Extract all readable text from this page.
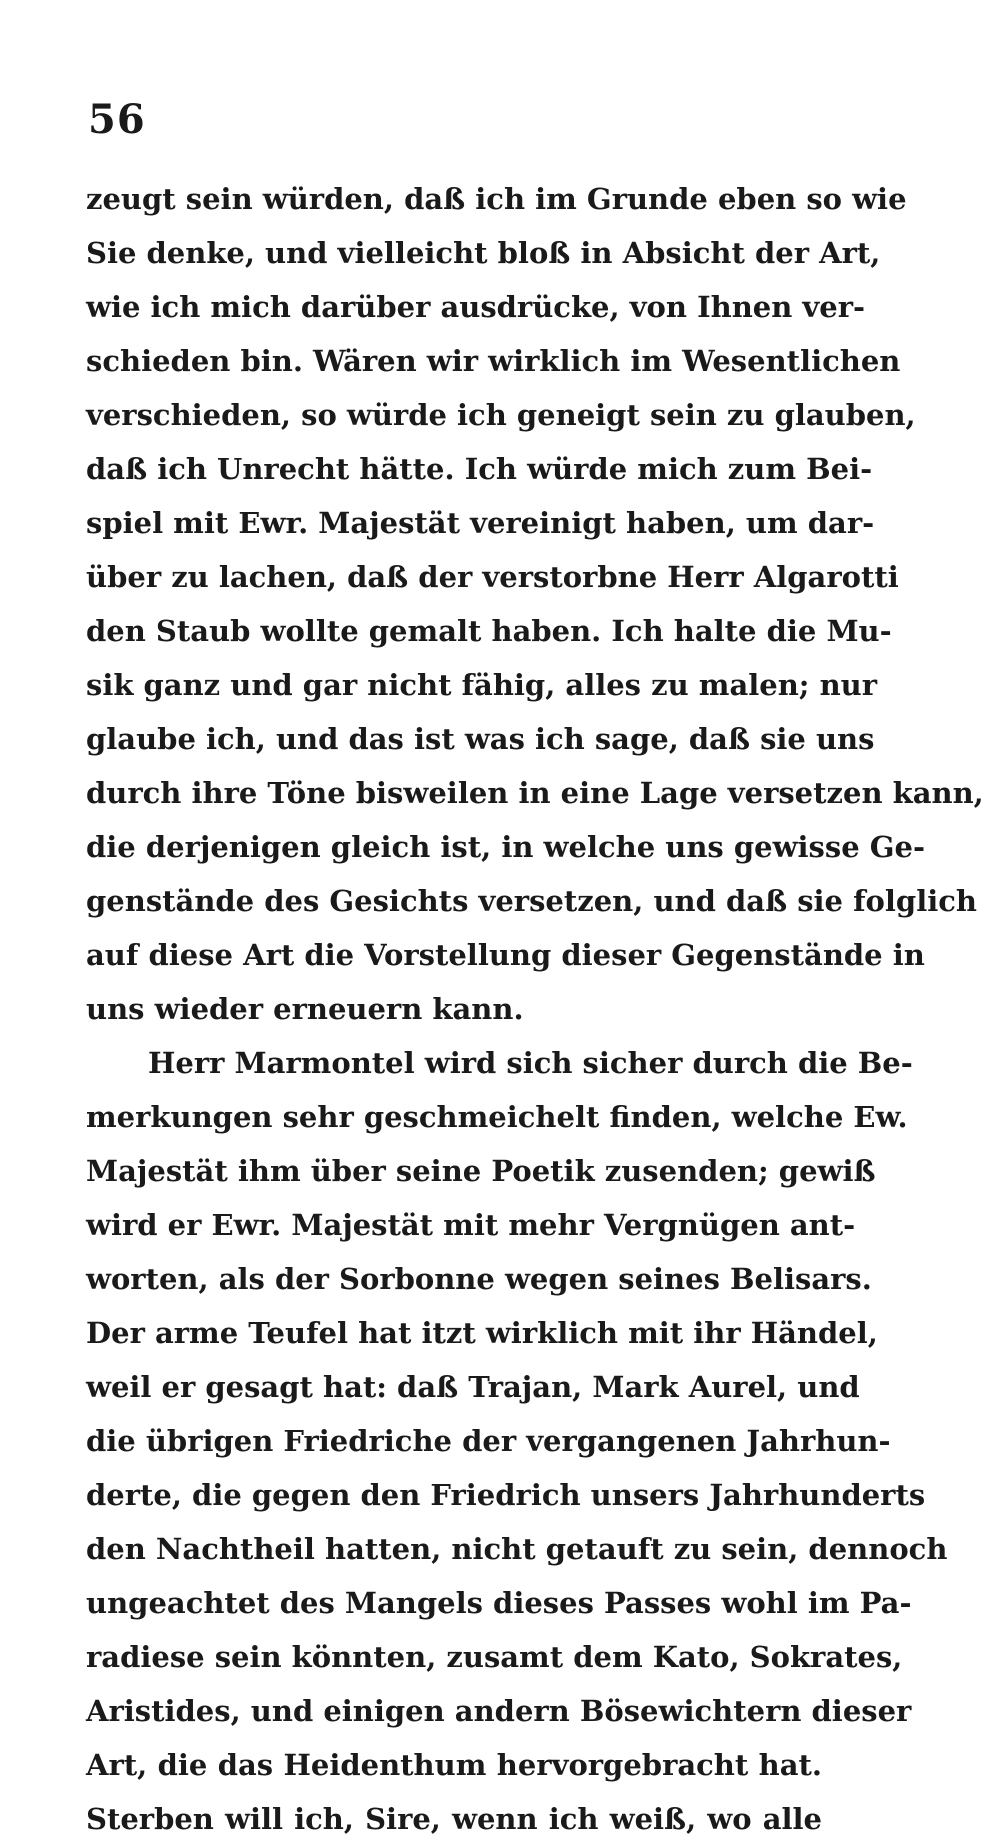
56
zeugt sein würden, daß ich im Grunde eben so wie
Sie denke, und vielleicht bloß in Absicht der Art,
wie ich mich darüber ausdrücke, von Ihnen ver-
schieden bin. Wären wir wirklich im Wesentlichen
verschieden, so würde ich geneigt sein zu glauben,
daß ich Unrecht hätte. Ich würde mich zum Bei-
spiel mit Ewr. Majestät vereinigt haben, um dar-
über zu lachen, daß der verstorbne Herr Algarotti
den Staub wollte gemalt haben. Ich halte die Mu-
sik ganz und gar nicht fähig, alles zu malen; nur
glaube ich, und das ist was ich sage, daß sie uns
durch ihre Töne bisweilen in eine Lage versetzen kann,
die derjenigen gleich ist, in welche uns gewisse Ge-
genstände des Gesichts versetzen, und daß sie folglich
auf diese Art die Vorstellung dieser Gegenstände in
uns wieder erneuern kann.
Herr Marmontel wird sich sicher durch die Be-
merkungen sehr geschmeichelt finden, welche Ew.
Majestät ihm über seine Poetik zusenden; gewiß
wird er Ewr. Majestät mit mehr Vergnügen ant-
worten, als der Sorbonne wegen seines Belisars.
Der arme Teufel hat itzt wirklich mit ihr Händel,
weil er gesagt hat: daß Trajan, Mark Aurel, und
die übrigen Friedriche der vergangenen Jahrhun-
derte, die gegen den Friedrich unsers Jahrhunderts
den Nachtheil hatten, nicht getauft zu sein, dennoch
ungeachtet des Mangels dieses Passes wohl im Pa-
radiese sein könnten, zusamt dem Kato, Sokrates,
Aristides, und einigen andern Bösewichtern dieser
Art, die das Heidenthum hervorgebracht hat.
Sterben will ich, Sire, wenn ich weiß, wo alle
